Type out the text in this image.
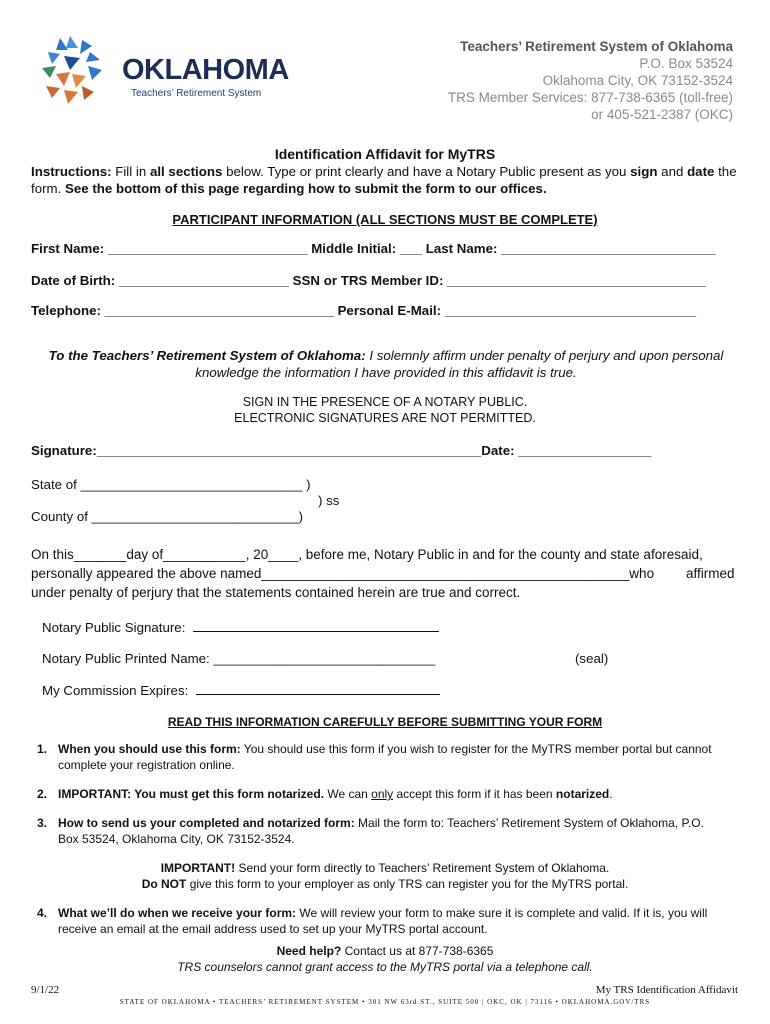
OKLAHOMA
Teachers’ Retirement System
Teachers’ Retirement System of Oklahoma
P.O. Box 53524
Oklahoma City, OK 73152-3524
TRS Member Services: 877-738-6365 (toll-free)
or 405-521-2387 (OKC)
Identification Affidavit for MyTRS
Instructions: Fill in all sections below. Type or print clearly and have a Notary Public present as you sign and date the form. See the bottom of this page regarding how to submit the form to our offices.
PARTICIPANT INFORMATION (ALL SECTIONS MUST BE COMPLETE)
First Name: ___________________________ Middle Initial: ___ Last Name: _____________________________
Date of Birth: _______________________ SSN or TRS Member ID: ___________________________________
Telephone: _______________________________ Personal E-Mail: __________________________________
To the Teachers’ Retirement System of Oklahoma: I solemnly affirm under penalty of perjury and upon personal knowledge the information I have provided in this affidavit is true.
SIGN IN THE PRESENCE OF A NOTARY PUBLIC.
ELECTRONIC SIGNATURES ARE NOT PERMITTED.
Signature:____________________________________________________Date: __________________
State of ______________________________ )
) ss
County of ____________________________)
On this_______day of___________, 20____, before me, Notary Public in and for the county and state aforesaid,
personally appeared the above named_________________________________________________who affirmed
under penalty of perjury that the statements contained herein are true and correct.
Notary Public Signature:
Notary Public Printed Name: ______________________________	(seal)
My Commission Expires:
READ THIS INFORMATION CAREFULLY BEFORE SUBMITTING YOUR FORM
1. When you should use this form: You should use this form if you wish to register for the MyTRS member portal but cannot complete your registration online.
2. IMPORTANT: You must get this form notarized. We can only accept this form if it has been notarized.
3. How to send us your completed and notarized form: Mail the form to: Teachers’ Retirement System of Oklahoma, P.O. Box 53524, Oklahoma City, OK 73152-3524.
IMPORTANT! Send your form directly to Teachers’ Retirement System of Oklahoma.
Do NOT give this form to your employer as only TRS can register you for the MyTRS portal.
4. What we’ll do when we receive your form: We will review your form to make sure it is complete and valid. If it is, you will receive an email at the email address used to set up your MyTRS portal account.
Need help? Contact us at 877-738-6365
TRS counselors cannot grant access to the MyTRS portal via a telephone call.
9/1/22	My TRS Identification Affidavit
STATE OF OKLAHOMA • TEACHERS’ RETIREMENT SYSTEM • 301 NW 63rd ST., SUITE 500 | OKC, OK | 73116 • OKLAHOMA.GOV/TRS
